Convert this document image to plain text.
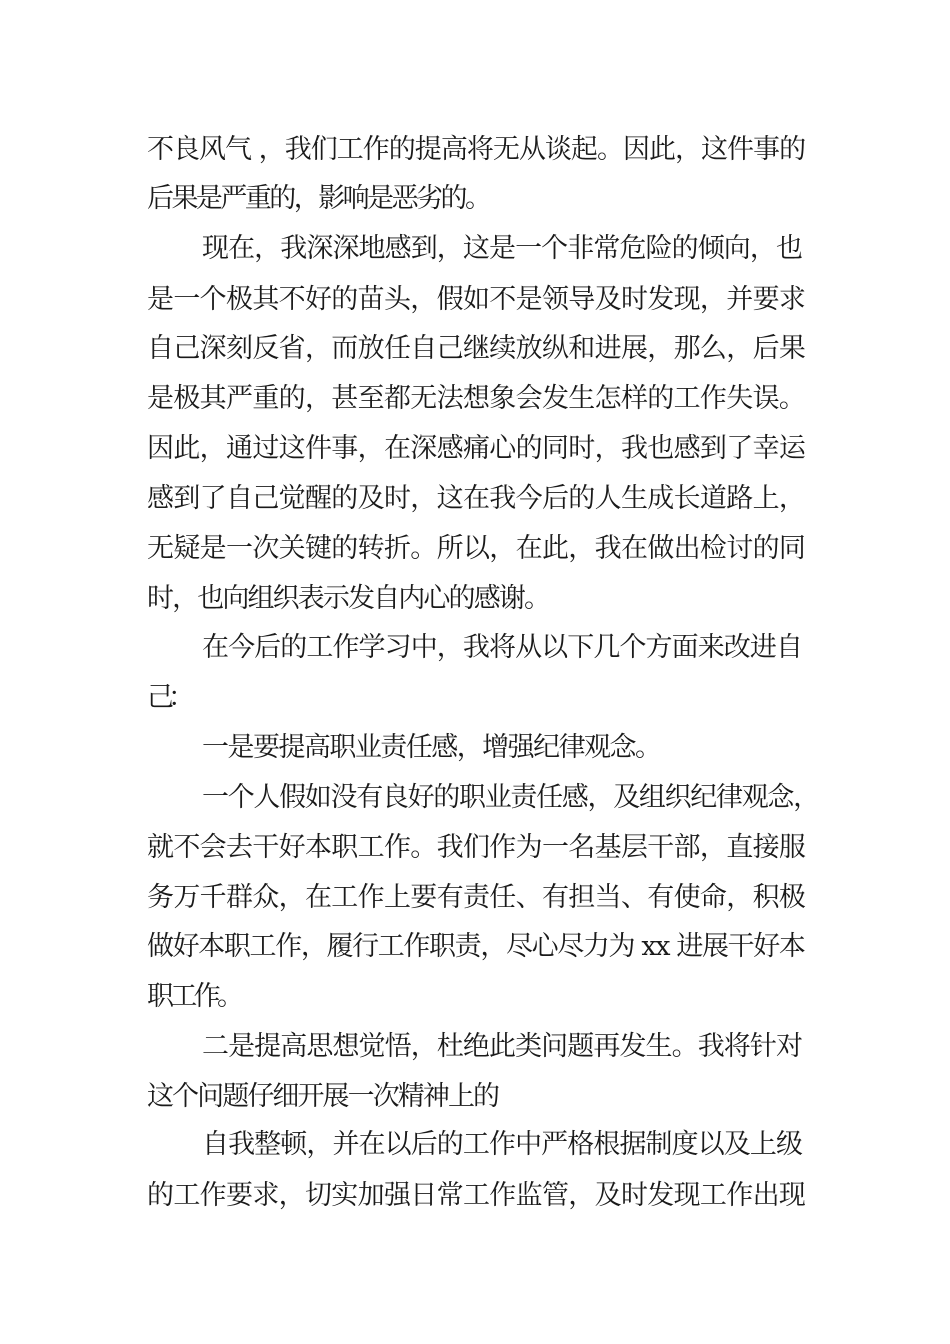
不良风气 ，我们工作的提高将无从谈起。因此，这件事的
后果是严重的，影响是恶劣的。
现在，我深深地感到，这是一个非常危险的倾向，也
是一个极其不好的苗头，假如不是领导及时发现，并要求
自己深刻反省，而放任自己继续放纵和进展，那么，后果
是极其严重的，甚至都无法想象会发生怎样的工作失误。
因此，通过这件事，在深感痛心的同时，我也感到了幸运
感到了自己觉醒的及时，这在我今后的人生成长道路上，
无疑是一次关键的转折。所以，在此，我在做出检讨的同
时，也向组织表示发自内心的感谢。
在今后的工作学习中，我将从以下几个方面来改进自
己：
一是要提高职业责任感，增强纪律观念。
一个人假如没有良好的职业责任感，及组织纪律观念，
就不会去干好本职工作。我们作为一名基层干部，直接服
务万千群众，在工作上要有责任、有担当、有使命，积极
做好本职工作，履行工作职责，尽心尽力为 xx 进展干好本
职工作。
二是提高思想觉悟，杜绝此类问题再发生。我将针对
这个问题仔细开展一次精神上的
自我整顿，并在以后的工作中严格根据制度以及上级
的工作要求，切实加强日常工作监管，及时发现工作出现
